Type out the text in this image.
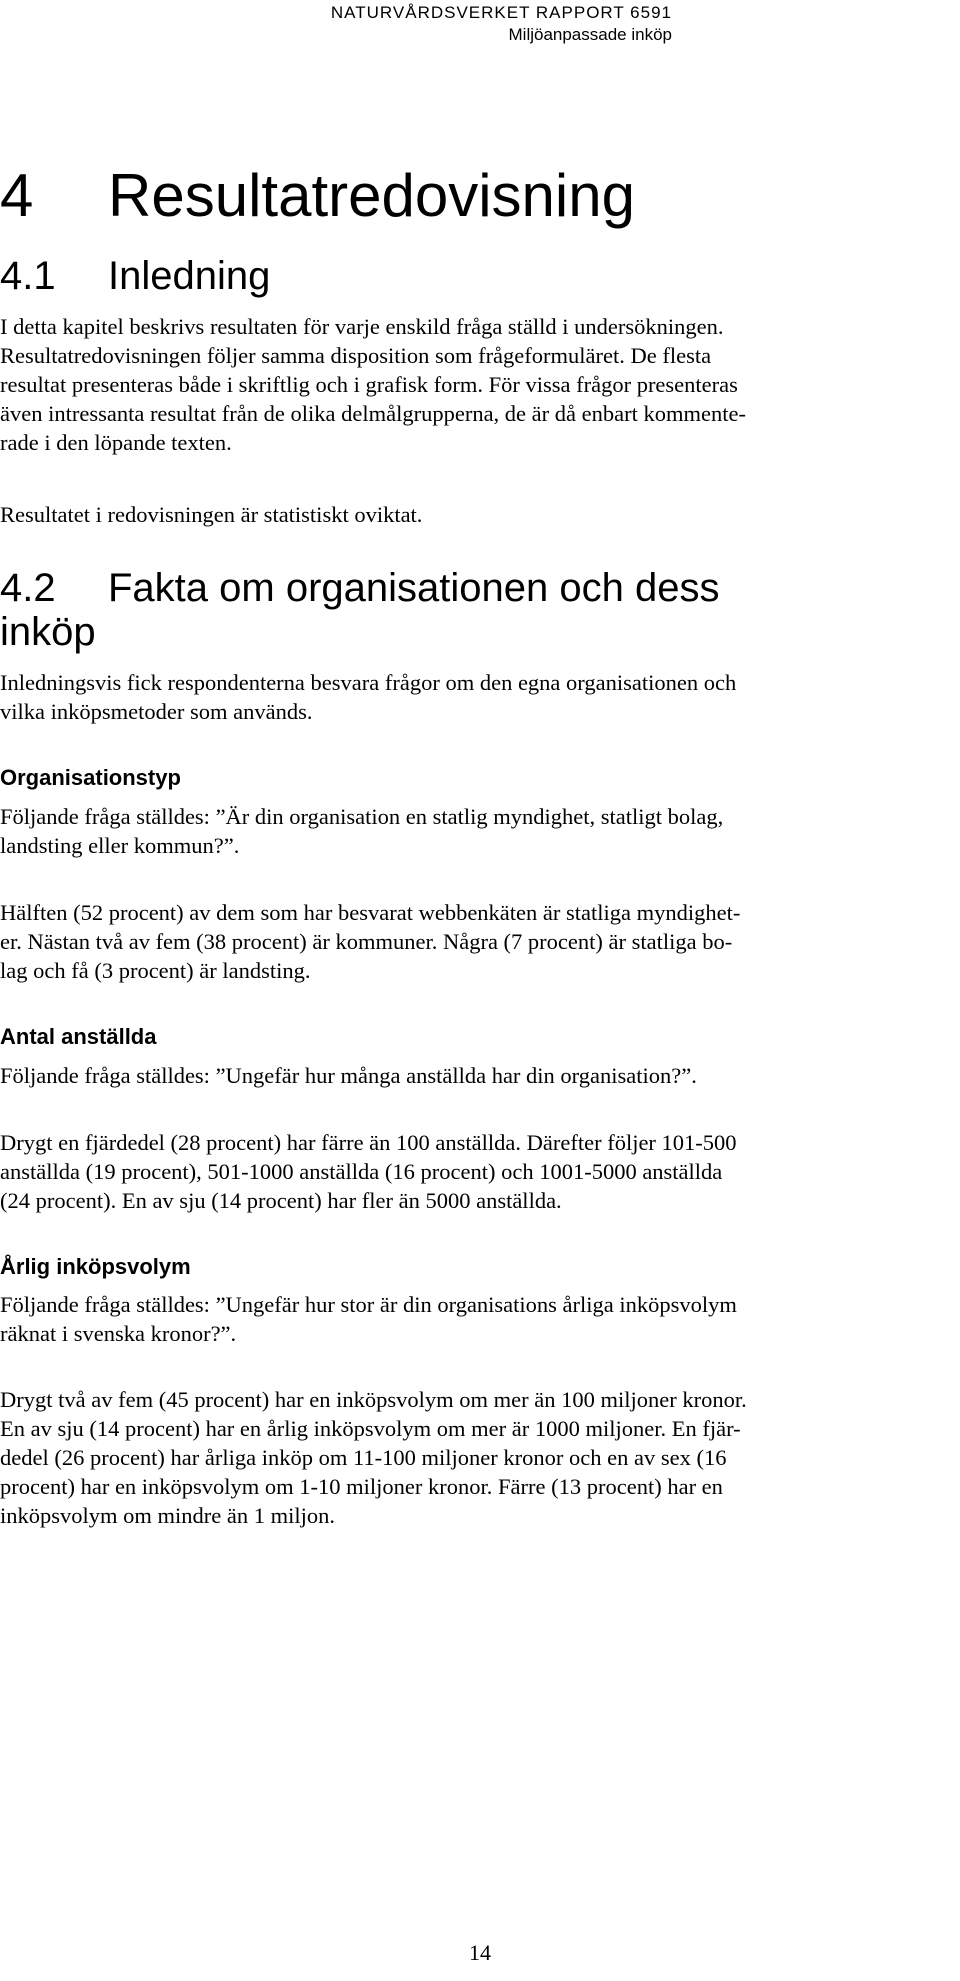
NATURVÅRDSVERKET RAPPORT 6591
Miljöanpassade inköp
4 Resultatredovisning
4.1 Inledning
I detta kapitel beskrivs resultaten för varje enskild fråga ställd i undersökningen.
Resultatredovisningen följer samma disposition som frågeformuläret. De flesta
resultat presenteras både i skriftlig och i grafisk form. För vissa frågor presenteras
även intressanta resultat från de olika delmålgrupperna, de är då enbart kommente-
rade i den löpande texten.
Resultatet i redovisningen är statistiskt oviktat.
4.2 Fakta om organisationen och dess
inköp
Inledningsvis fick respondenterna besvara frågor om den egna organisationen och
vilka inköpsmetoder som används.
Organisationstyp
Följande fråga ställdes: ”Är din organisation en statlig myndighet, statligt bolag,
landsting eller kommun?”.
Hälften (52 procent) av dem som har besvarat webbenkäten är statliga myndighet-
er. Nästan två av fem (38 procent) är kommuner. Några (7 procent) är statliga bo-
lag och få (3 procent) är landsting.
Antal anställda
Följande fråga ställdes: ”Ungefär hur många anställda har din organisation?”.
Drygt en fjärdedel (28 procent) har färre än 100 anställda. Därefter följer 101-500
anställda (19 procent), 501-1000 anställda (16 procent) och 1001-5000 anställda
(24 procent). En av sju (14 procent) har fler än 5000 anställda.
Årlig inköpsvolym
Följande fråga ställdes: ”Ungefär hur stor är din organisations årliga inköpsvolym
räknat i svenska kronor?”.
Drygt två av fem (45 procent) har en inköpsvolym om mer än 100 miljoner kronor.
En av sju (14 procent) har en årlig inköpsvolym om mer är 1000 miljoner. En fjär-
dedel (26 procent) har årliga inköp om 11-100 miljoner kronor och en av sex (16
procent) har en inköpsvolym om 1-10 miljoner kronor. Färre (13 procent) har en
inköpsvolym om mindre än 1 miljon.
14
